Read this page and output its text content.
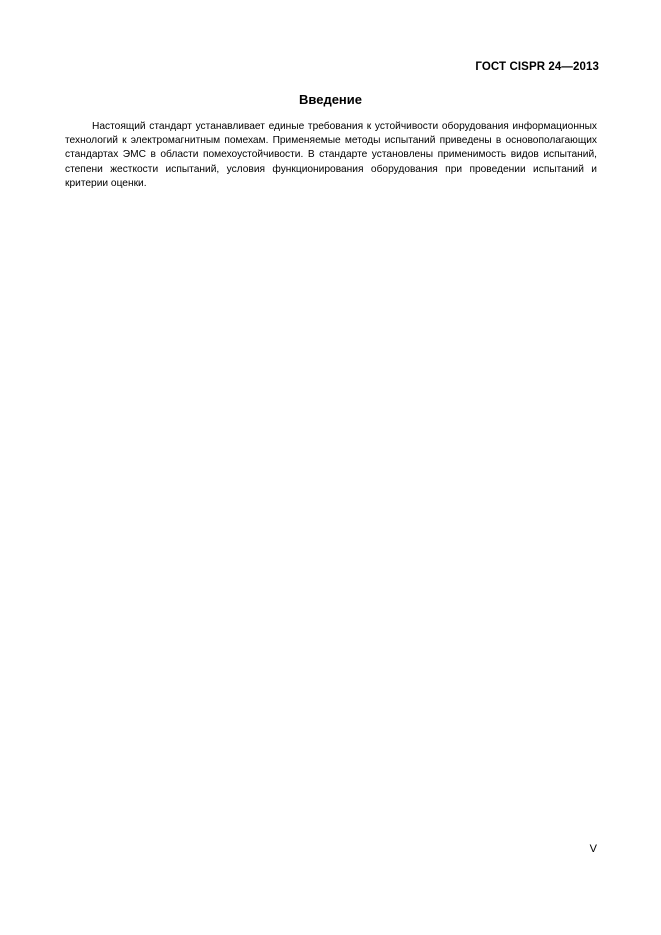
ГОСТ CISPR 24—2013
Введение

Настоящий стандарт устанавливает единые требования к устойчивости оборудования информационных технологий к электромагнитным помехам. Применяемые методы испытаний приведены в основополагающих стандартах ЭМС в области помехоустойчивости. В стандарте установлены применимость видов испытаний, степени жесткости испытаний, условия функционирования оборудования при проведении испытаний и критерии оценки.

V
